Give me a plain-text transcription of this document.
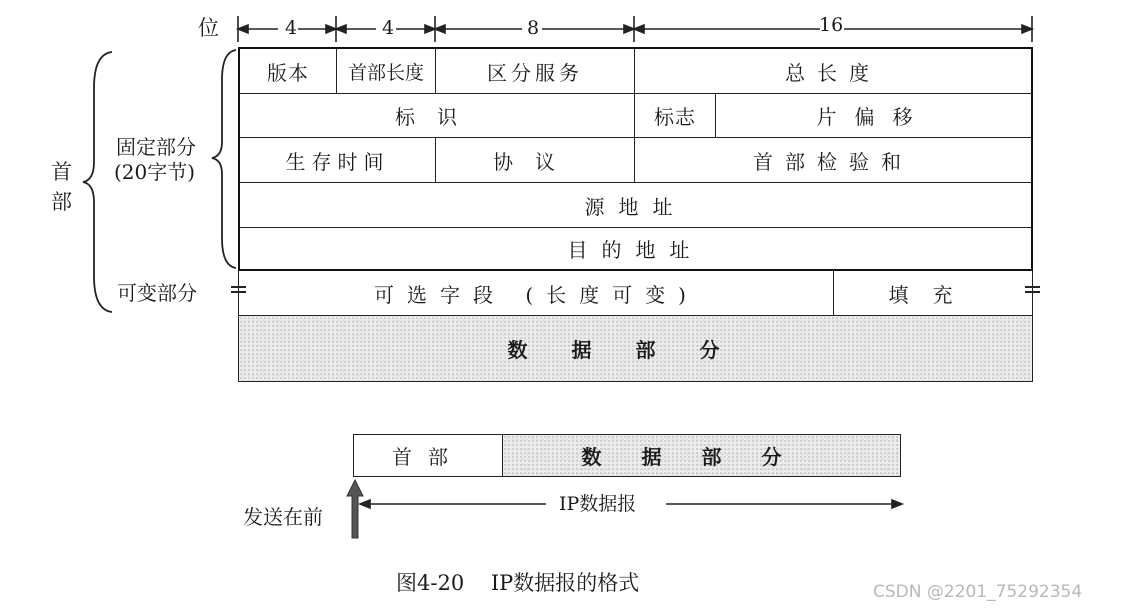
位	4	4	8	16
版本	首部长度	区分服务	总长度
标识	标志	片偏移
生存时间	协议	首部检验和
源地址
目的地址
可选字段 (长度可变)	填充
数据部分
首部
固定部分
(20字节)
可变部分
首部	数据部分
发送在前
IP数据报
图4-20    IP数据报的格式	CSDN @2201_75292354
